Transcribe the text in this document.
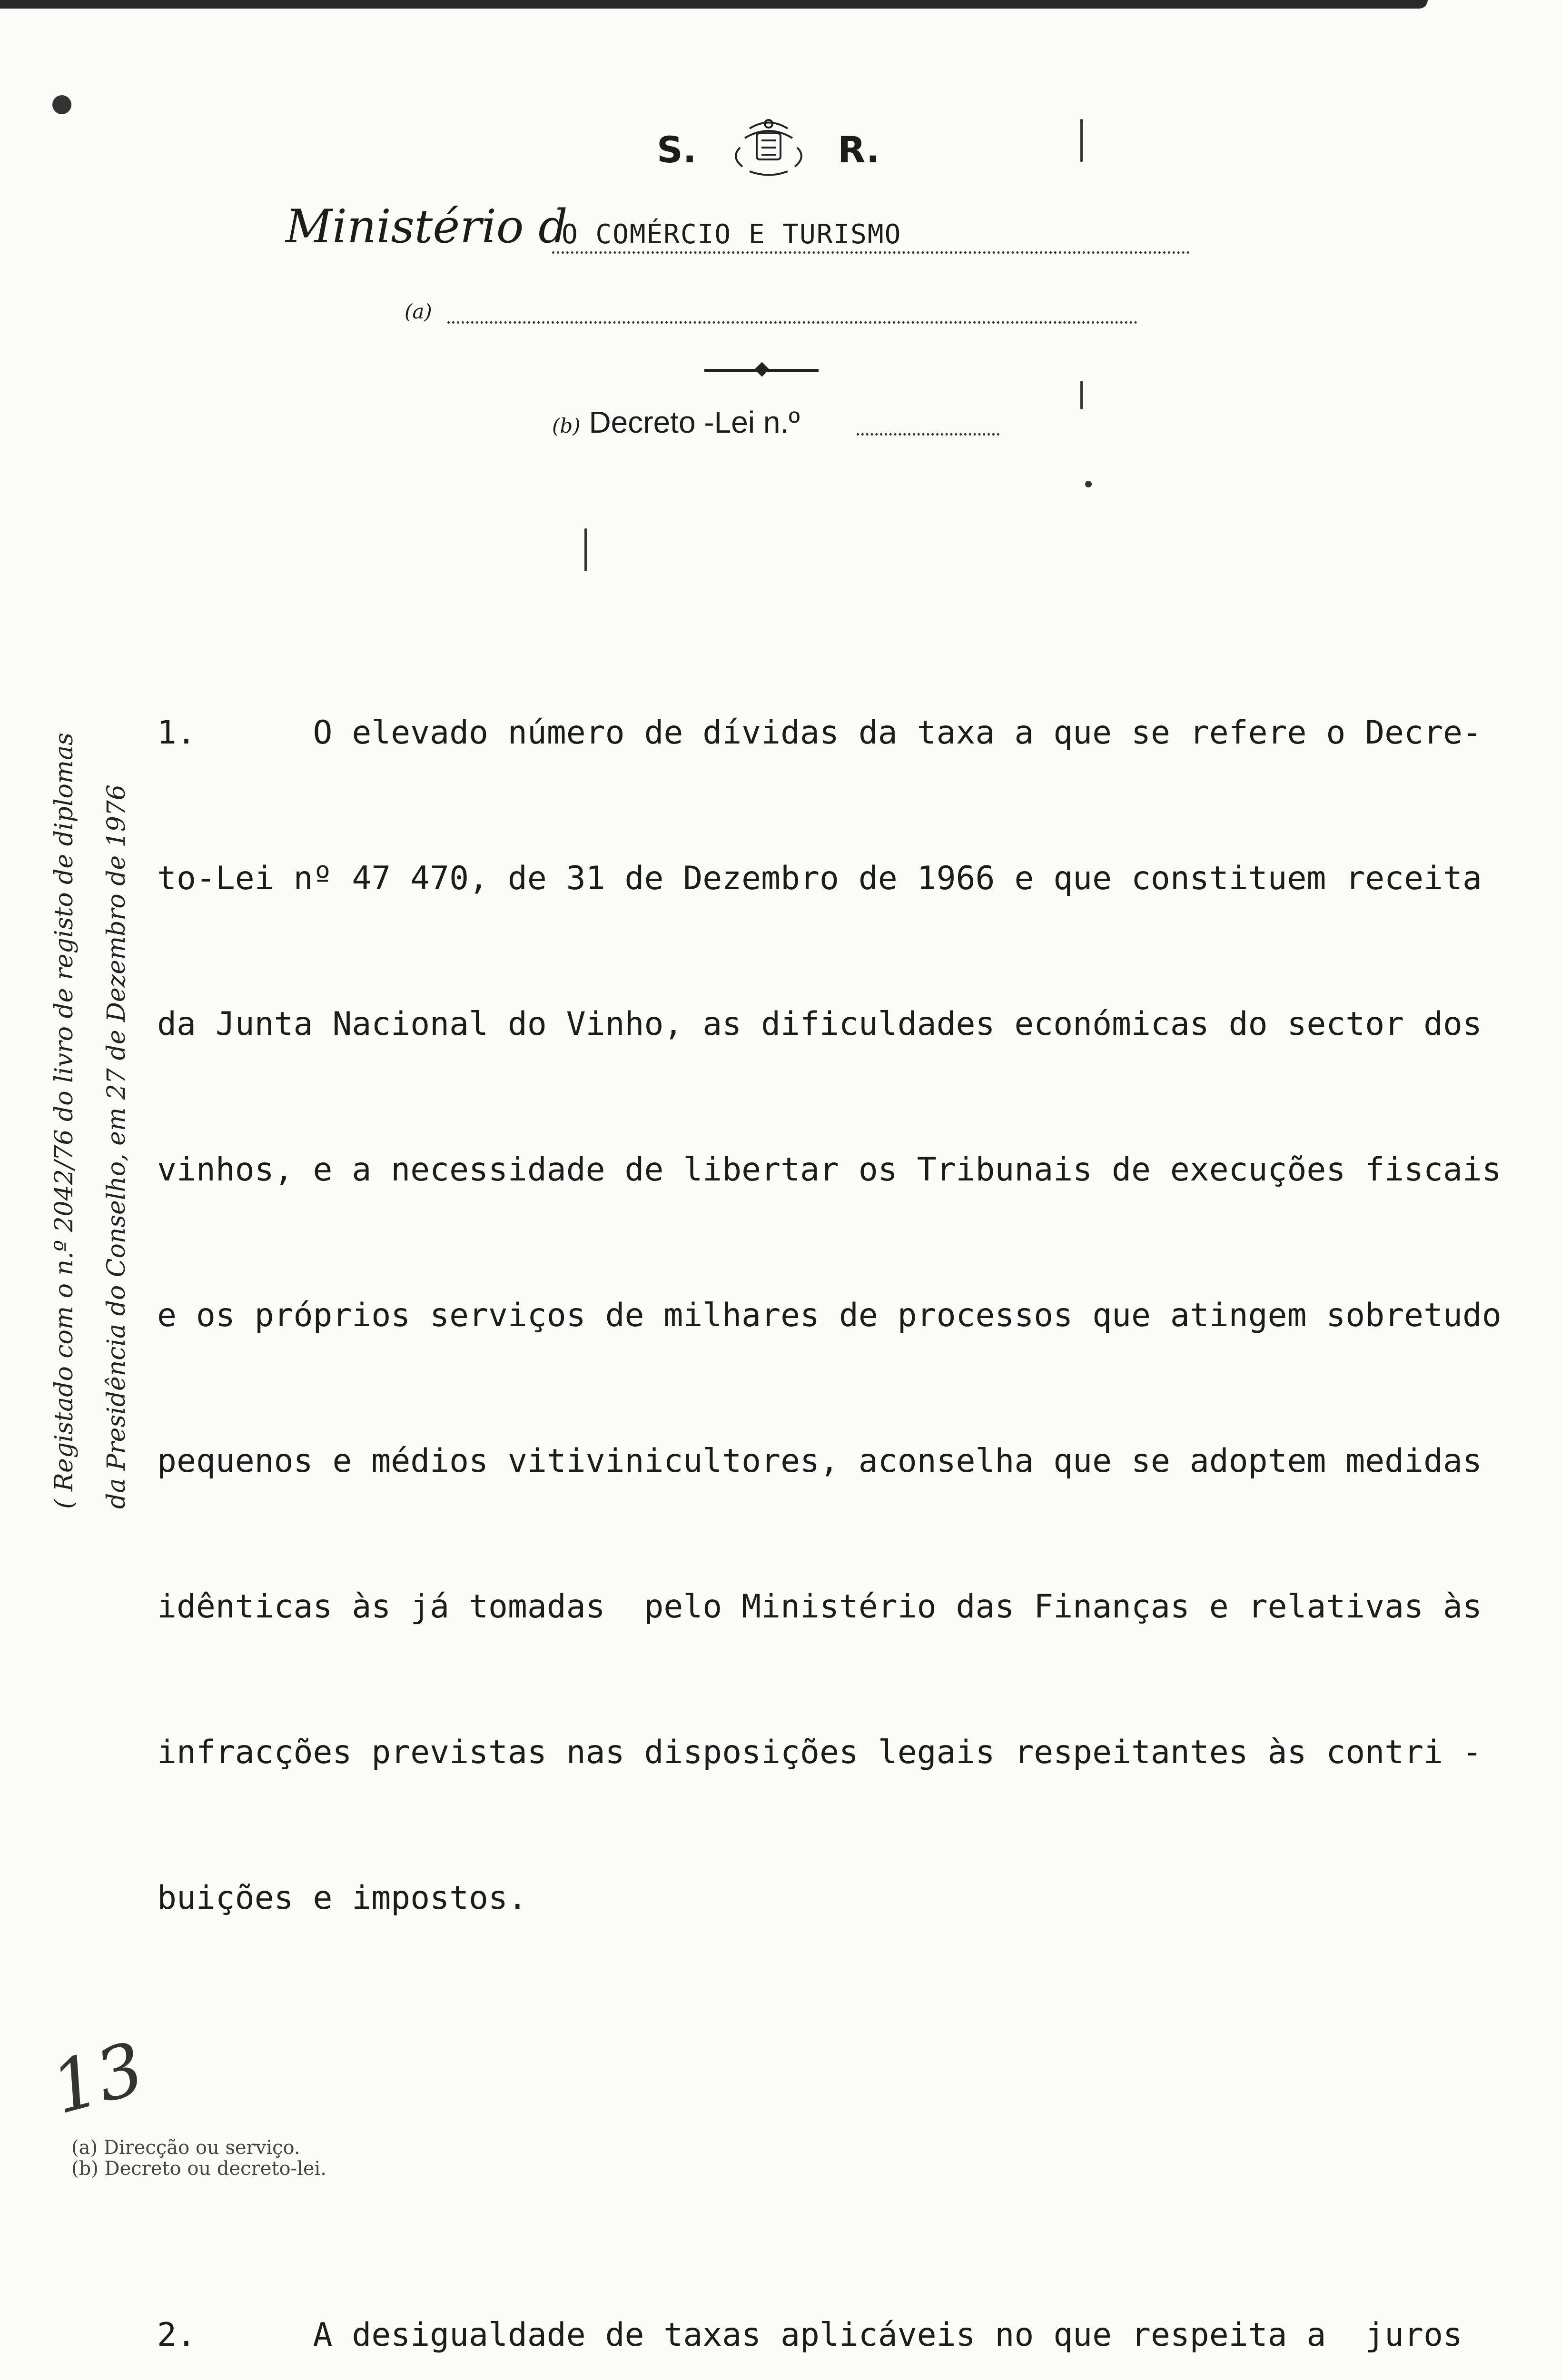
S.	R.
Ministério d
O COMÉRCIO E TURISMO
(a)
(b) Decreto -Lei n.º

1.      O elevado número de dívidas da taxa a que se refere o Decre-

to-Lei nº 47 470, de 31 de Dezembro de 1966 e que constituem receita

da Junta Nacional do Vinho, as dificuldades económicas do sector dos

vinhos, e a necessidade de libertar os Tribunais de execuções fiscais

e os próprios serviços de milhares de processos que atingem sobretudo

pequenos e médios vitivinicultores, aconselha que se adoptem medidas

idênticas às já tomadas  pelo Ministério das Finanças e relativas às

infracções previstas nas disposições legais respeitantes às contri -

buições e impostos.

2.      A desigualdade de taxas aplicáveis no que respeita a  juros

( Registado com o n.º 2042/76 do livro de registo de diplomas da Presidência do Conselho, em 27 de Dezembro de 1976
13
(a) Direcção ou serviço.
(b) Decreto ou decreto-lei.
